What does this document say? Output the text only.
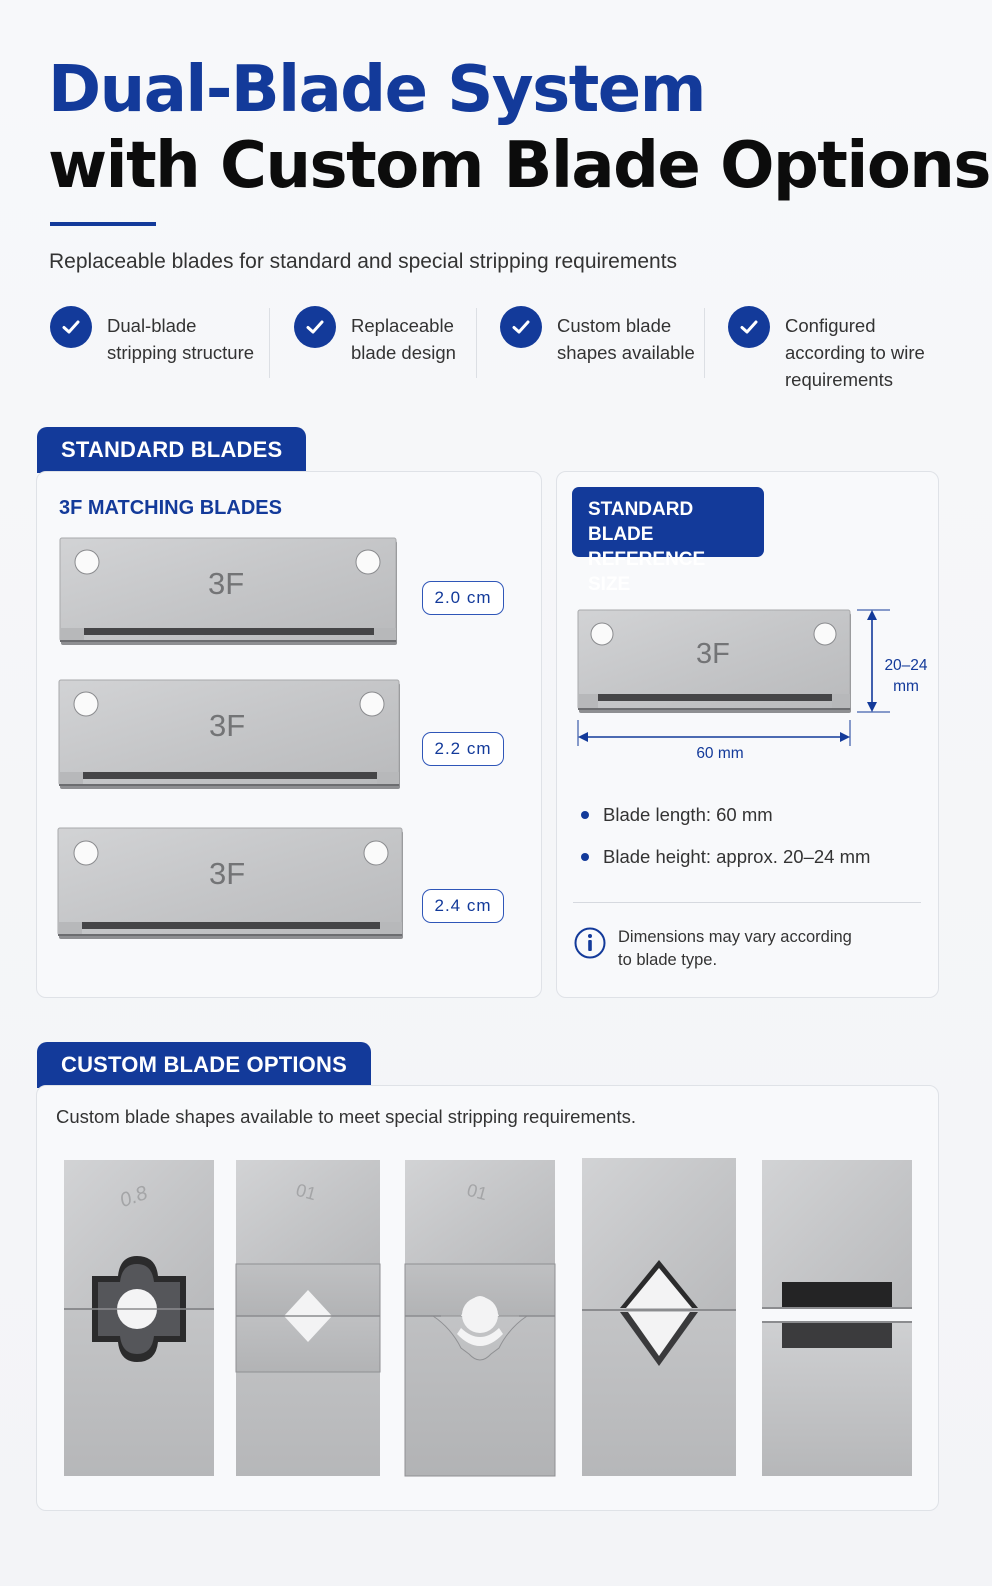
Dual-Blade System
with Custom Blade Options

Replaceable blades for standard and special stripping requirements

Dual-blade
stripping structure
Replaceable
blade design
Custom blade
shapes available
Configured
according to wire
requirements
STANDARD BLADES
3F MATCHING BLADES
3F	2.0 cm
3F
2.2 cm
3F
2.4 cm
STANDARD BLADE
REFERENCE SIZE
3F	20–24
mm
60 mm
Blade length: 60 mm
Blade height: approx. 20–24 mm
Dimensions may vary according
to blade type.
CUSTOM BLADE OPTIONS
Custom blade shapes available to meet special stripping requirements.
0.8	01	01
